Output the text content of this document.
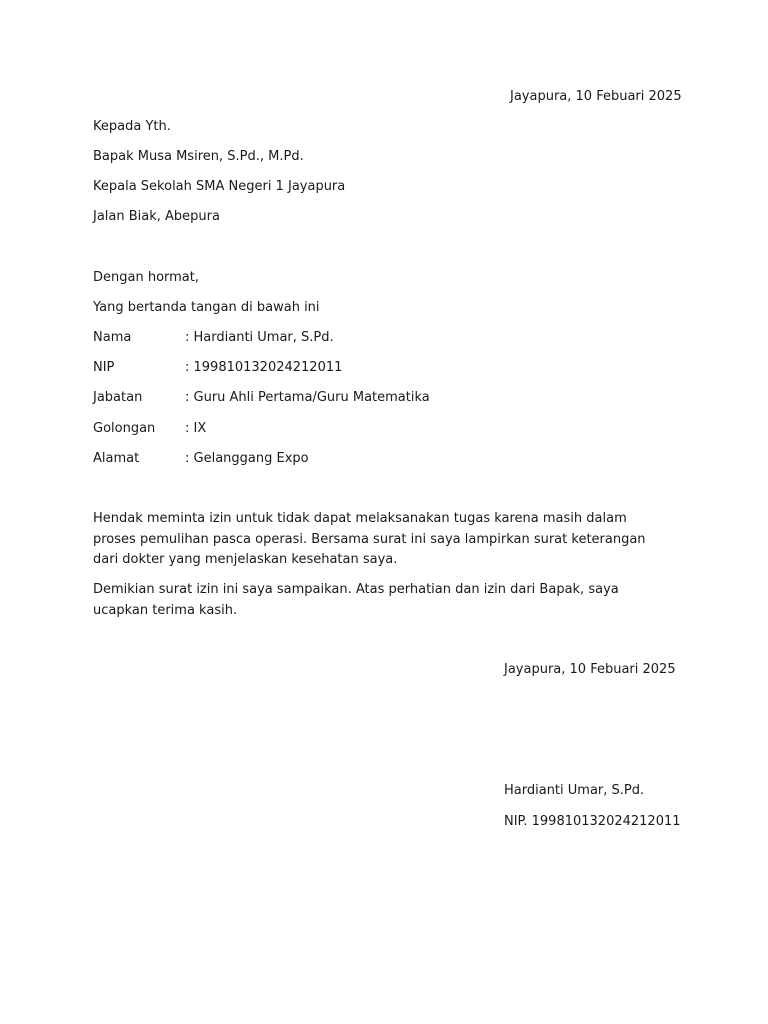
Jayapura, 10 Febuari 2025
Kepada Yth.
Bapak Musa Msiren, S.Pd., M.Pd.
Kepala Sekolah SMA Negeri 1 Jayapura
Jalan Biak, Abepura
Dengan hormat,
Yang bertanda tangan di bawah ini
Nama	: Hardianti Umar, S.Pd.
NIP	: 199810132024212011
Jabatan	: Guru Ahli Pertama/Guru Matematika
Golongan : IX
Alamat	: Gelanggang Expo
Hendak meminta izin untuk tidak dapat melaksanakan tugas karena masih dalam proses pemulihan pasca operasi. Bersama surat ini saya lampirkan surat keterangan dari dokter yang menjelaskan kesehatan saya.
Demikian surat izin ini saya sampaikan. Atas perhatian dan izin dari Bapak, saya ucapkan terima kasih.
Jayapura, 10 Febuari 2025
Hardianti Umar, S.Pd.
NIP. 199810132024212011
